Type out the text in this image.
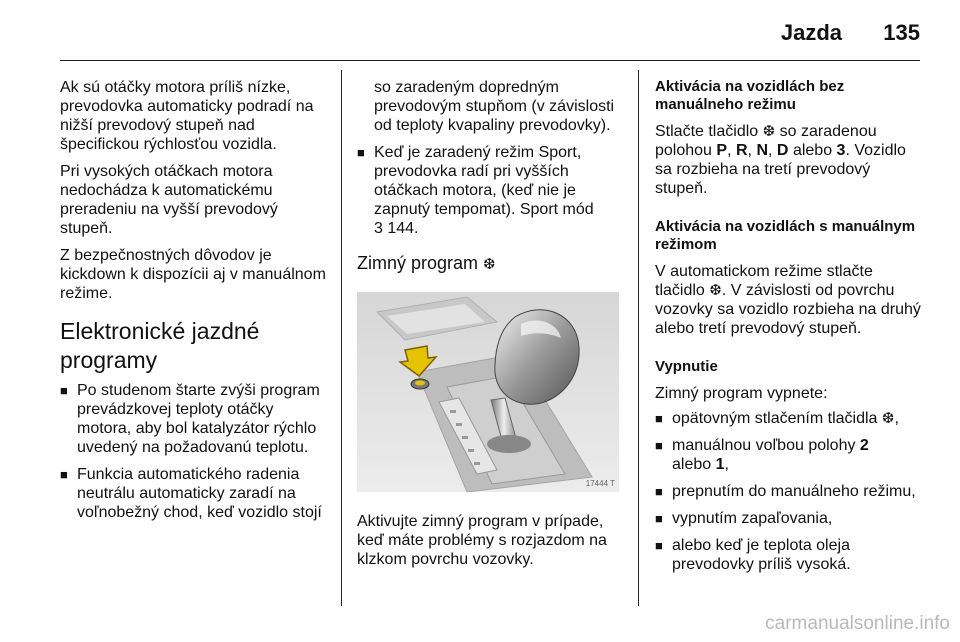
Jazda 135

Ak sú otáčky motora príliš nízke, prevodovka automaticky podradí na nižší prevodový stupeň nad špecifickou rýchlosťou vozidla.

Pri vysokých otáčkach motora nedochádza k automatickému preradeniu na vyšší prevodový stupeň.

Z bezpečnostných dôvodov je kickdown k dispozícii aj v manuálnom režime.

Elektronické jazdné programy
■ Po studenom štarte zvýši program prevádzkovej teploty otáčky motora, aby bol katalyzátor rýchlo uvedený na požadovanú teplotu.
■ Funkcia automatického radenia neutrálu automaticky zaradí na voľnobežný chod, keď vozidlo stojí

so zaradeným dopredným prevodovým stupňom (v závislosti od teploty kvapaliny prevodovky).

■ Keď je zaradený režim Sport, prevodovka radí pri vyšších otáčkach motora, (keď nie je zapnutý tempomat). Sport mód
3 144.
Zimný program ❆
17444 T

Aktivujte zimný program v prípade, keď máte problémy s rozjazdom na klzkom povrchu vozovky.

Aktivácia na vozidlách bez manuálneho režimu

Stlačte tlačidlo ❆ so zaradenou polohou P, R, N, D alebo 3. Vozidlo sa rozbieha na tretí prevodový stupeň.

Aktivácia na vozidlách s manuálnym režimom

V automatickom režime stlačte tlačidlo ❆. V závislosti od povrchu vozovky sa vozidlo rozbieha na druhý alebo tretí prevodový stupeň.

Vypnutie

Zimný program vypnete:

■ opätovným stlačením tlačidla ❆,
■ manuálnou voľbou polohy 2
alebo 1,
■ prepnutím do manuálneho režimu,
■ vypnutím zapaľovania,
■ alebo keď je teplota oleja prevodovky príliš vysoká.
carmanualsonline.info
